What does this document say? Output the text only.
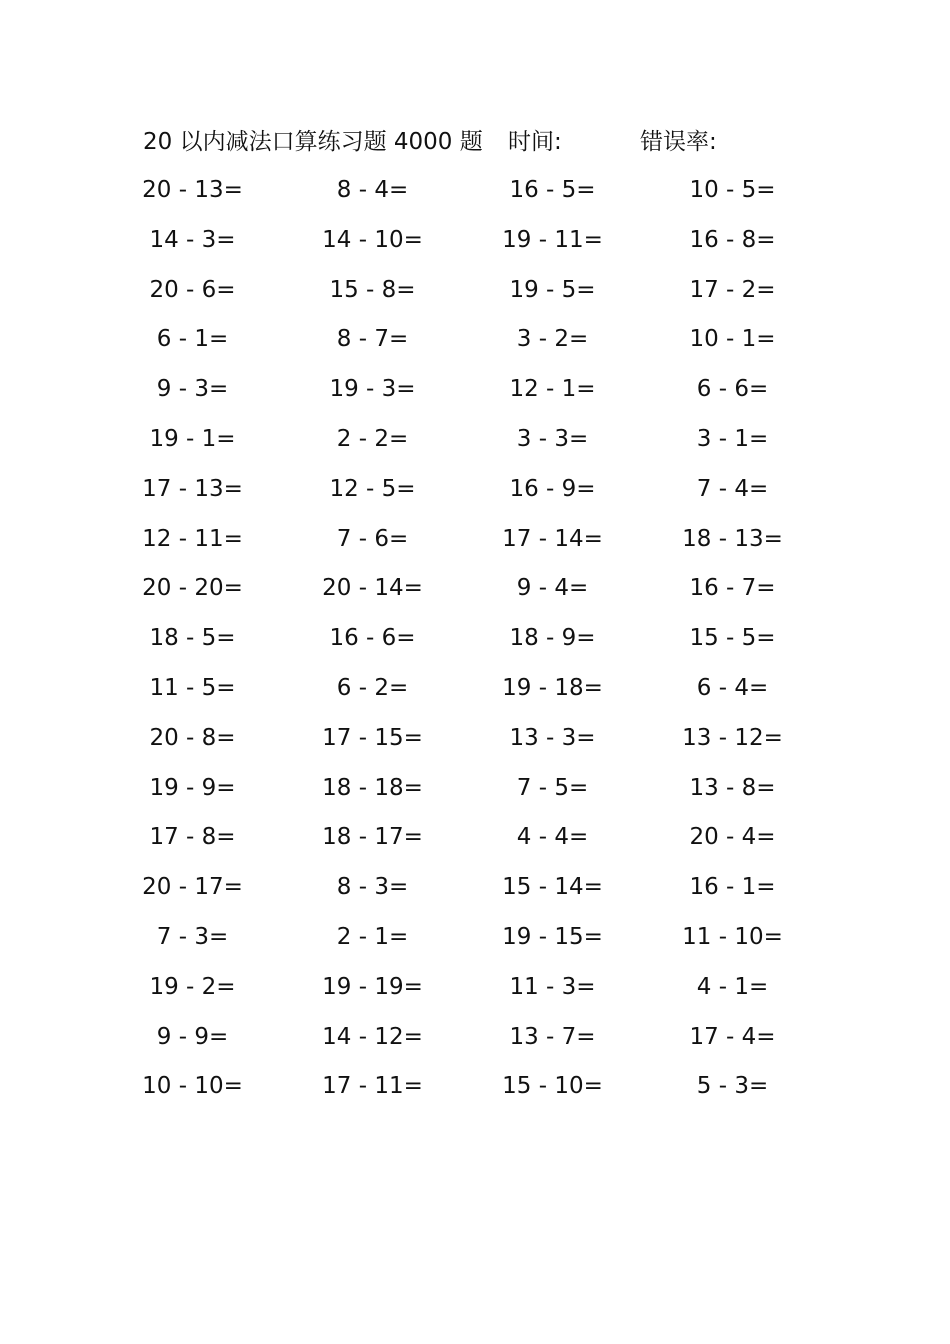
20 以内减法口算练习题 4000 题 时间:	错误率:
20 - 13=	8 - 4=	16 - 5=	10 - 5=
14 - 3=	14 - 10=	19 - 11=	16 - 8=
20 - 6=	15 - 8=	19 - 5=	17 - 2=
6 - 1=	8 - 7=	3 - 2=	10 - 1=
9 - 3=	19 - 3=	12 - 1=	6 - 6=
19 - 1=	2 - 2=	3 - 3=	3 - 1=
17 - 13=	12 - 5=	16 - 9=	7 - 4=
12 - 11=	7 - 6=	17 - 14=	18 - 13=
20 - 20=	20 - 14=	9 - 4=	16 - 7=
18 - 5=	16 - 6=	18 - 9=	15 - 5=
11 - 5=	6 - 2=	19 - 18=	6 - 4=
20 - 8=	17 - 15=	13 - 3=	13 - 12=
19 - 9=	18 - 18=	7 - 5=	13 - 8=
17 - 8=	18 - 17=	4 - 4=	20 - 4=
20 - 17=	8 - 3=	15 - 14=	16 - 1=
7 - 3=	2 - 1=	19 - 15=	11 - 10=
19 - 2=	19 - 19=	11 - 3=	4 - 1=
9 - 9=	14 - 12=	13 - 7=	17 - 4=
10 - 10=	17 - 11=	15 - 10=	5 - 3=
